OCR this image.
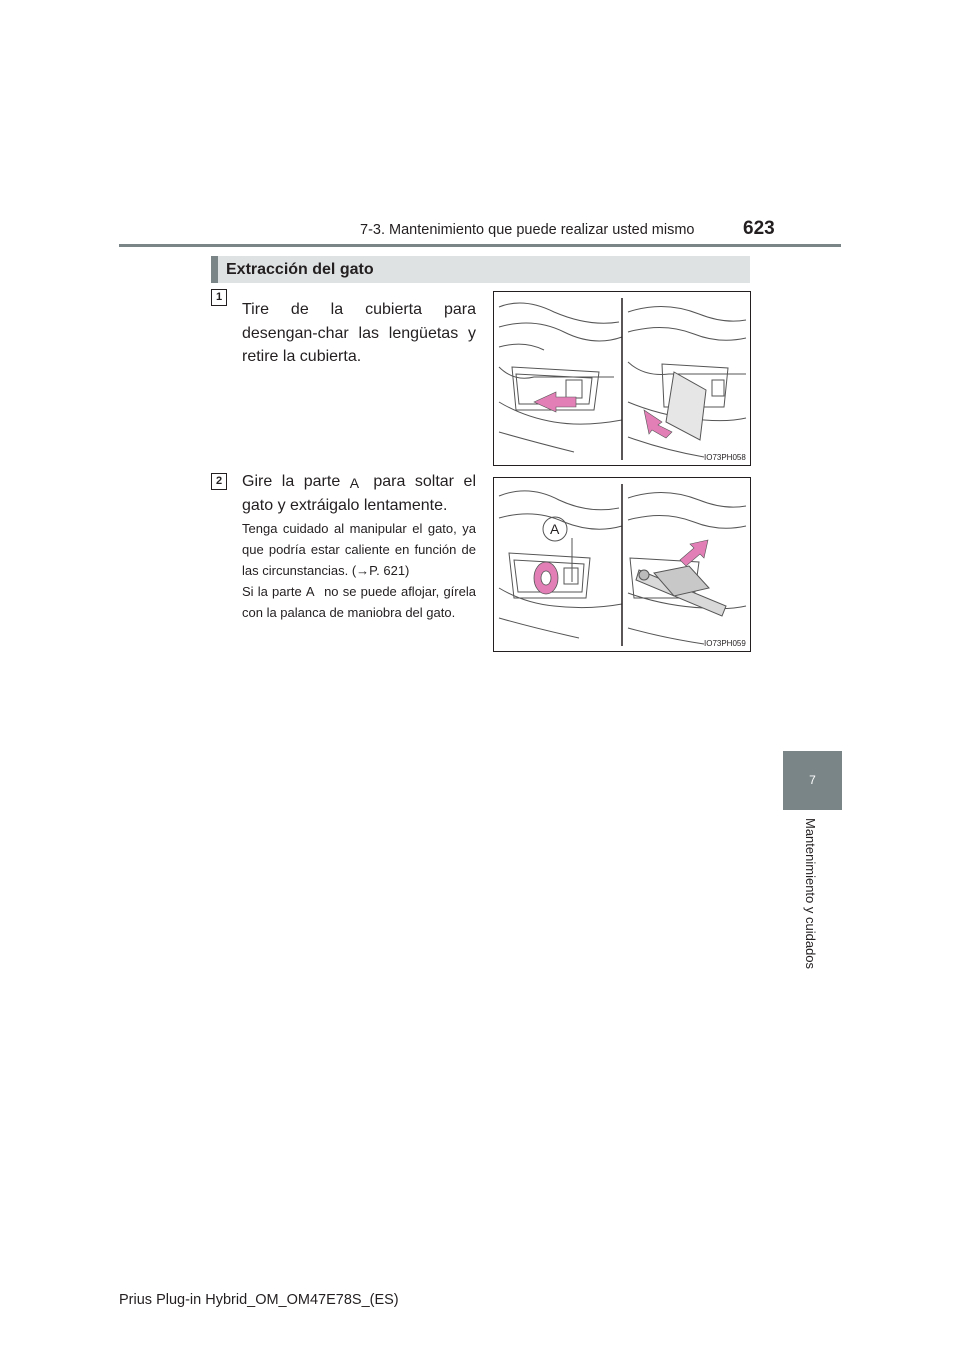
7-3. Mantenimiento que puede realizar usted mismo	623
7
Mantenimiento y cuidados
Extracción del gato
1
Tire de la cubierta para desengan-char las lengüetas y retire la cubierta.
IO73PH058
2	Gire la parte A para soltar el gato y extráigalo lentamente.
Tenga cuidado al manipular el gato, ya que podría estar caliente en función de las circunstancias. (→P. 621)
Si la parte A no se puede aflojar, gírela con la palanca de maniobra del gato.
A
IO73PH059
Prius Plug-in Hybrid_OM_OM47E78S_(ES)
